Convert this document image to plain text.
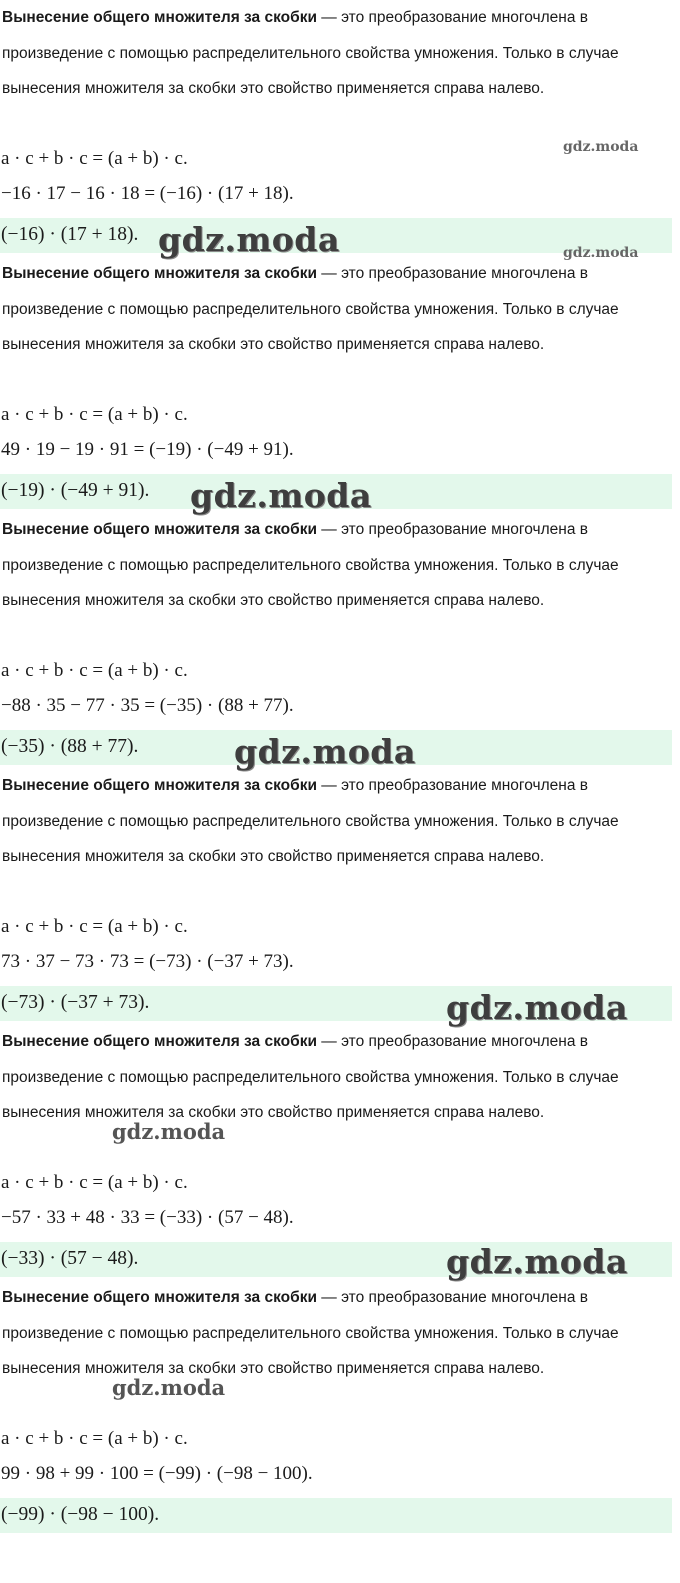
Вынесение общего множителя за скобки — это преобразование многочлена в произведение с помощью распределительного свойства умножения. Только в случае вынесения множителя за скобки это свойство применяется справа налево.

a · c + b · c = (a + b) · c.
−16 · 17 − 16 · 18 = (−16) · (17 + 18).
(−16) · (17 + 18).

Вынесение общего множителя за скобки — это преобразование многочлена в произведение с помощью распределительного свойства умножения. Только в случае вынесения множителя за скобки это свойство применяется справа налево.

a · c + b · c = (a + b) · c.
49 · 19 − 19 · 91 = (−19) · (−49 + 91).
(−19) · (−49 + 91).

Вынесение общего множителя за скобки — это преобразование многочлена в произведение с помощью распределительного свойства умножения. Только в случае вынесения множителя за скобки это свойство применяется справа налево.

a · c + b · c = (a + b) · c.
−88 · 35 − 77 · 35 = (−35) · (88 + 77).
(−35) · (88 + 77).

Вынесение общего множителя за скобки — это преобразование многочлена в произведение с помощью распределительного свойства умножения. Только в случае вынесения множителя за скобки это свойство применяется справа налево.

a · c + b · c = (a + b) · c.
73 · 37 − 73 · 73 = (−73) · (−37 + 73).
(−73) · (−37 + 73).

Вынесение общего множителя за скобки — это преобразование многочлена в произведение с помощью распределительного свойства умножения. Только в случае вынесения множителя за скобки это свойство применяется справа налево.

a · c + b · c = (a + b) · c.
−57 · 33 + 48 · 33 = (−33) · (57 − 48).
(−33) · (57 − 48).

Вынесение общего множителя за скобки — это преобразование многочлена в произведение с помощью распределительного свойства умножения. Только в случае вынесения множителя за скобки это свойство применяется справа налево.

a · c + b · c = (a + b) · c.
99 · 98 + 99 · 100 = (−99) · (−98 − 100).
(−99) · (−98 − 100).
gdz.moda
gdz.moda	gdz.moda
gdz.moda
gdz.moda
gdz.moda
gdz.moda
gdz.moda
gdz.moda
